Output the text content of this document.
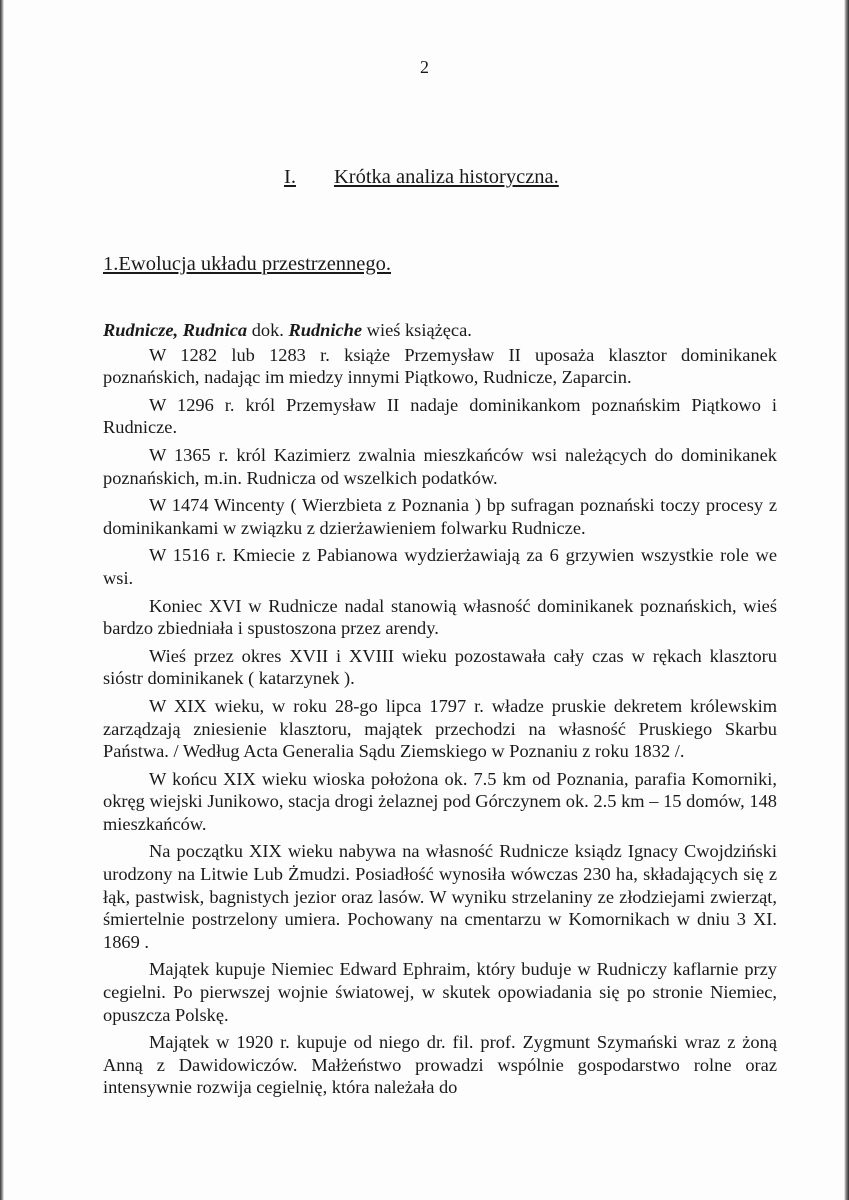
2
I. Krótka analiza historyczna.
1.Ewolucja układu przestrzennego.

Rudnicze, Rudnica dok. Rudniche wieś książęca.

W 1282 lub 1283 r. książe Przemysław II uposaża klasztor dominikanek poznańskich, nadając im miedzy innymi Piątkowo, Rudnicze, Zaparcin.

W 1296 r. król Przemysław II nadaje dominikankom poznańskim Piątkowo i Rudnicze.

W 1365 r. król Kazimierz zwalnia mieszkańców wsi należących do dominikanek poznańskich, m.in. Rudnicza od wszelkich podatków.

W 1474 Wincenty ( Wierzbieta z Poznania ) bp sufragan poznański toczy procesy z dominikankami w związku z dzierżawieniem folwarku Rudnicze.

W 1516 r. Kmiecie z Pabianowa wydzierżawiają za 6 grzywien wszystkie role we wsi.

Koniec XVI w Rudnicze nadal stanowią własność dominikanek poznańskich, wieś bardzo zbiedniała i spustoszona przez arendy.

Wieś przez okres XVII i XVIII wieku pozostawała cały czas w rękach klasztoru sióstr dominikanek ( katarzynek ).

W XIX wieku, w roku 28-go lipca 1797 r. władze pruskie dekretem królewskim zarządzają zniesienie klasztoru, majątek przechodzi na własność Pruskiego Skarbu Państwa. / Według Acta Generalia Sądu Ziemskiego w Poznaniu z roku 1832 /.

W końcu XIX wieku wioska położona ok. 7.5 km od Poznania, parafia Komorniki, okręg wiejski Junikowo, stacja drogi żelaznej pod Górczynem ok. 2.5 km – 15 domów, 148 mieszkańców.

Na początku XIX wieku nabywa na własność Rudnicze ksiądz Ignacy Cwojdziński urodzony na Litwie Lub Żmudzi. Posiadłość wynosiła wówczas 230 ha, składających się z łąk, pastwisk, bagnistych jezior oraz lasów. W wyniku strzelaniny ze złodziejami zwierząt, śmiertelnie postrzelony umiera. Pochowany na cmentarzu w Komornikach w dniu 3 XI. 1869 .

Majątek kupuje Niemiec Edward Ephraim, który buduje w Rudniczy kaflarnie przy cegielni. Po pierwszej wojnie światowej, w skutek opowiadania się po stronie Niemiec, opuszcza Polskę.

Majątek w 1920 r. kupuje od niego dr. fil. prof. Zygmunt Szymański wraz z żoną Anną z Dawidowiczów. Małżeństwo prowadzi wspólnie gospodarstwo rolne oraz intensywnie rozwija cegielnię, która należała do
